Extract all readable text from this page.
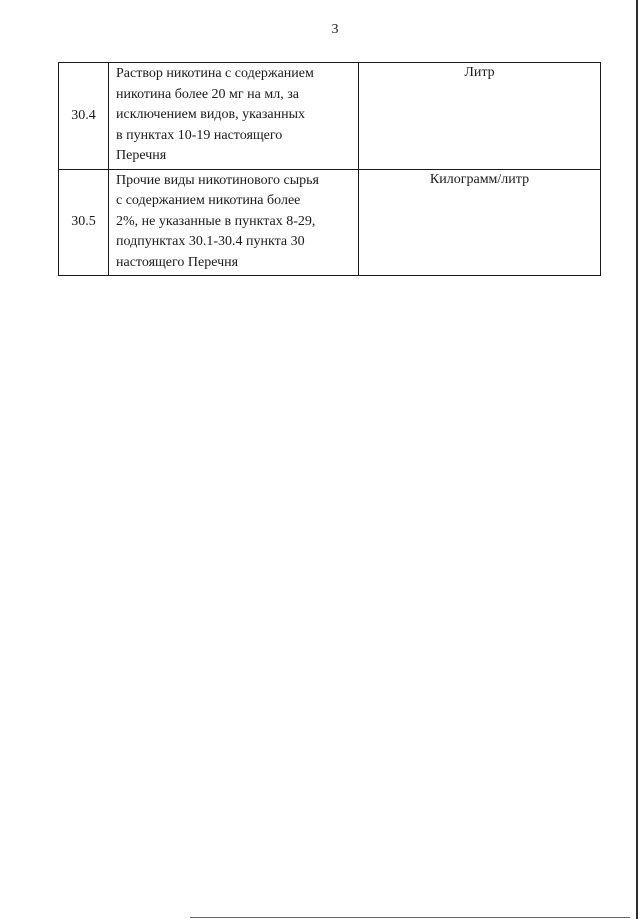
3
30.4	Раствор никотина с содержанием
никотина более 20 мг на мл, за
исключением видов, указанных
в пунктах 10-19 настоящего
Перечня	Литр
30.5	Прочие виды никотинового сырья
с содержанием никотина более
2%, не указанные в пунктах 8-29,
подпунктах 30.1-30.4 пункта 30
настоящего Перечня	Килограмм/литр
